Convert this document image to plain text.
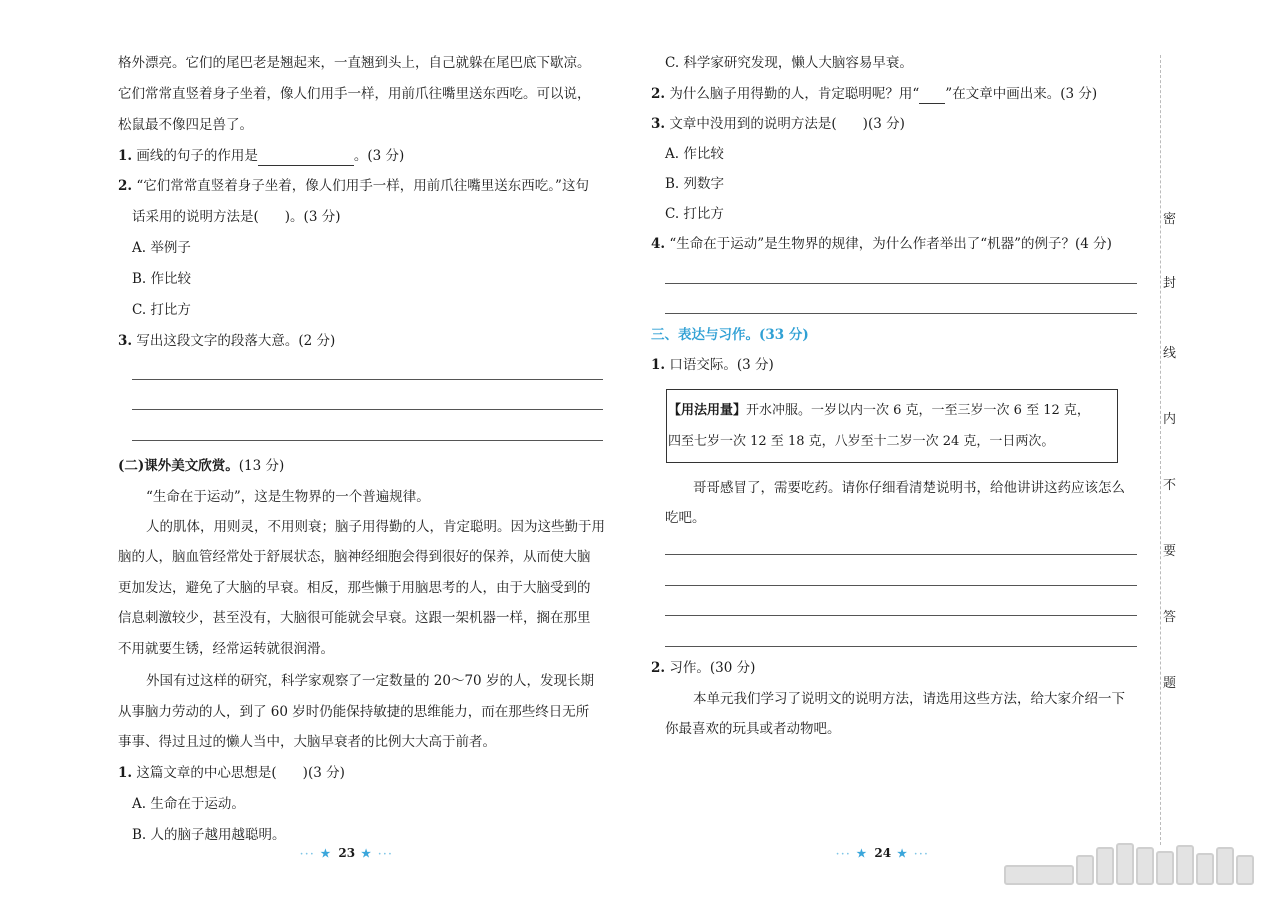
格外漂亮。它们的尾巴老是翘起来，一直翘到头上，自己就躲在尾巴底下歇凉。
它们常常直竖着身子坐着，像人们用手一样，用前爪往嘴里送东西吃。可以说，
松鼠最不像四足兽了。
1. 画线的句子的作用是	。(3 分)
2. “它们常常直竖着身子坐着，像人们用手一样，用前爪往嘴里送东西吃。”这句
话采用的说明方法是( )。(3 分)
A. 举例子
B. 作比较
C. 打比方
3. 写出这段文字的段落大意。(2 分)
(二)课外美文欣赏。(13 分)
“生命在于运动”，这是生物界的一个普遍规律。
人的肌体，用则灵，不用则衰；脑子用得勤的人，肯定聪明。因为这些勤于用
脑的人，脑血管经常处于舒展状态，脑神经细胞会得到很好的保养，从而使大脑
更加发达，避免了大脑的早衰。相反，那些懒于用脑思考的人，由于大脑受到的
信息刺激较少，甚至没有，大脑很可能就会早衰。这跟一架机器一样，搁在那里
不用就要生锈，经常运转就很润滑。
外国有过这样的研究，科学家观察了一定数量的 20～70 岁的人，发现长期
从事脑力劳动的人，到了 60 岁时仍能保持敏捷的思维能力，而在那些终日无所
事事、得过且过的懒人当中，大脑早衰者的比例大大高于前者。
1. 这篇文章的中心思想是( )(3 分)
A. 生命在于运动。
B. 人的脑子越用越聪明。
··· ★ 23 ★ ···
C. 科学家研究发现，懒人大脑容易早衰。
2. 为什么脑子用得勤的人，肯定聪明呢？用“ ”在文章中画出来。(3 分)
3. 文章中没用到的说明方法是( )(3 分)
A. 作比较
B. 列数字
C. 打比方
4. “生命在于运动”是生物界的规律，为什么作者举出了“机器”的例子？(4 分)
三、表达与习作。(33 分)
1. 口语交际。(3 分)
【用法用量】开水冲服。一岁以内一次 6 克，一至三岁一次 6 至 12 克，
四至七岁一次 12 至 18 克，八岁至十二岁一次 24 克，一日两次。
哥哥感冒了，需要吃药。请你仔细看清楚说明书，给他讲讲这药应该怎么
吃吧。
2. 习作。(30 分)
本单元我们学习了说明文的说明方法，请选用这些方法，给大家介绍一下
你最喜欢的玩具或者动物吧。
··· ★ 24 ★ ···
密
封
线
内
不
要
答
题
